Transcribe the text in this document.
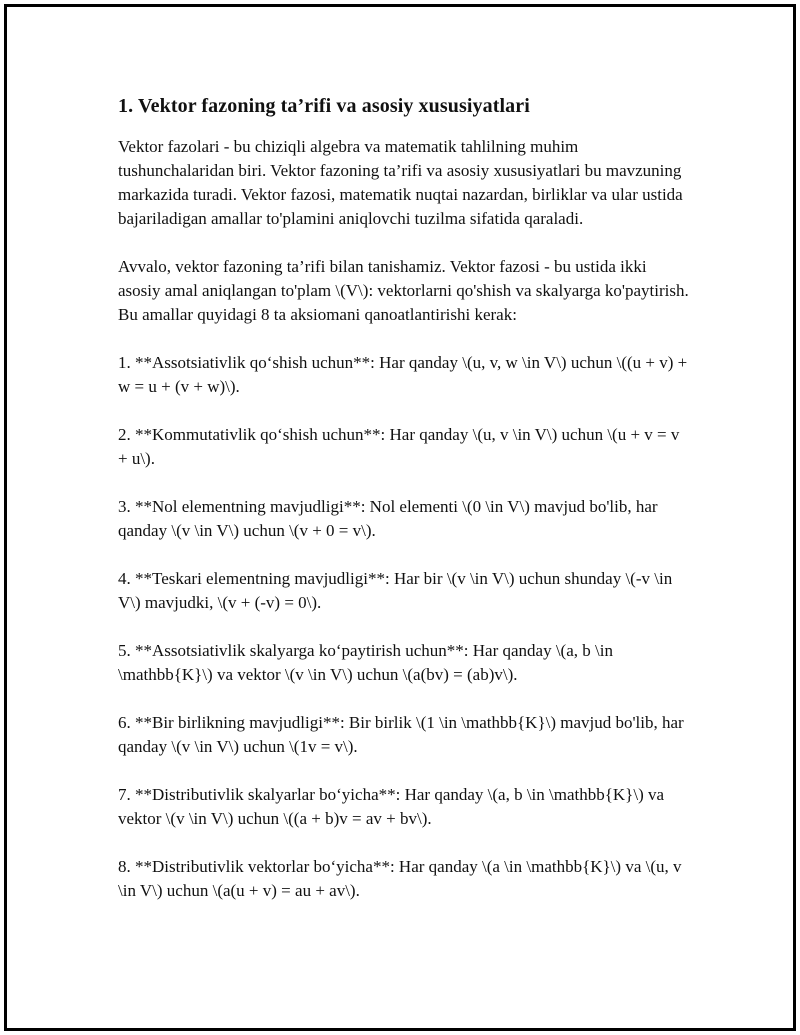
1. Vektor fazoning ta’rifi va asosiy xususiyatlari

Vektor fazolari - bu chiziqli algebra va matematik tahlilning muhim tushunchalaridan biri. Vektor fazoning ta’rifi va asosiy xususiyatlari bu mavzuning markazida turadi. Vektor fazosi, matematik nuqtai nazardan, birliklar va ular ustida bajariladigan amallar to'plamini aniqlovchi tuzilma sifatida qaraladi.

Avvalo, vektor fazoning ta’rifi bilan tanishamiz. Vektor fazosi - bu ustida ikki asosiy amal aniqlangan to'plam \(V\): vektorlarni qo'shish va skalyarga ko'paytirish. Bu amallar quyidagi 8 ta aksiomani qanoatlantirishi kerak:

1. **Assotsiativlik qo‘shish uchun**: Har qanday \(u, v, w \in V\) uchun \((u + v) + w = u + (v + w)\).

2. **Kommutativlik qo‘shish uchun**: Har qanday \(u, v \in V\) uchun \(u + v = v + u\).

3. **Nol elementning mavjudligi**: Nol elementi \(0 \in V\) mavjud bo'lib, har qanday \(v \in V\) uchun \(v + 0 = v\).

4. **Teskari elementning mavjudligi**: Har bir \(v \in V\) uchun shunday \(-v \in V\) mavjudki, \(v + (-v) = 0\).

5. **Assotsiativlik skalyarga ko‘paytirish uchun**: Har qanday \(a, b \in \mathbb{K}\) va vektor \(v \in V\) uchun \(a(bv) = (ab)v\).

6. **Bir birlikning mavjudligi**: Bir birlik \(1 \in \mathbb{K}\) mavjud bo'lib, har qanday \(v \in V\) uchun \(1v = v\).

7. **Distributivlik skalyarlar bo‘yicha**: Har qanday \(a, b \in \mathbb{K}\) va vektor \(v \in V\) uchun \((a + b)v = av + bv\).

8. **Distributivlik vektorlar bo‘yicha**: Har qanday \(a \in \mathbb{K}\) va \(u, v \in V\) uchun \(a(u + v) = au + av\).
